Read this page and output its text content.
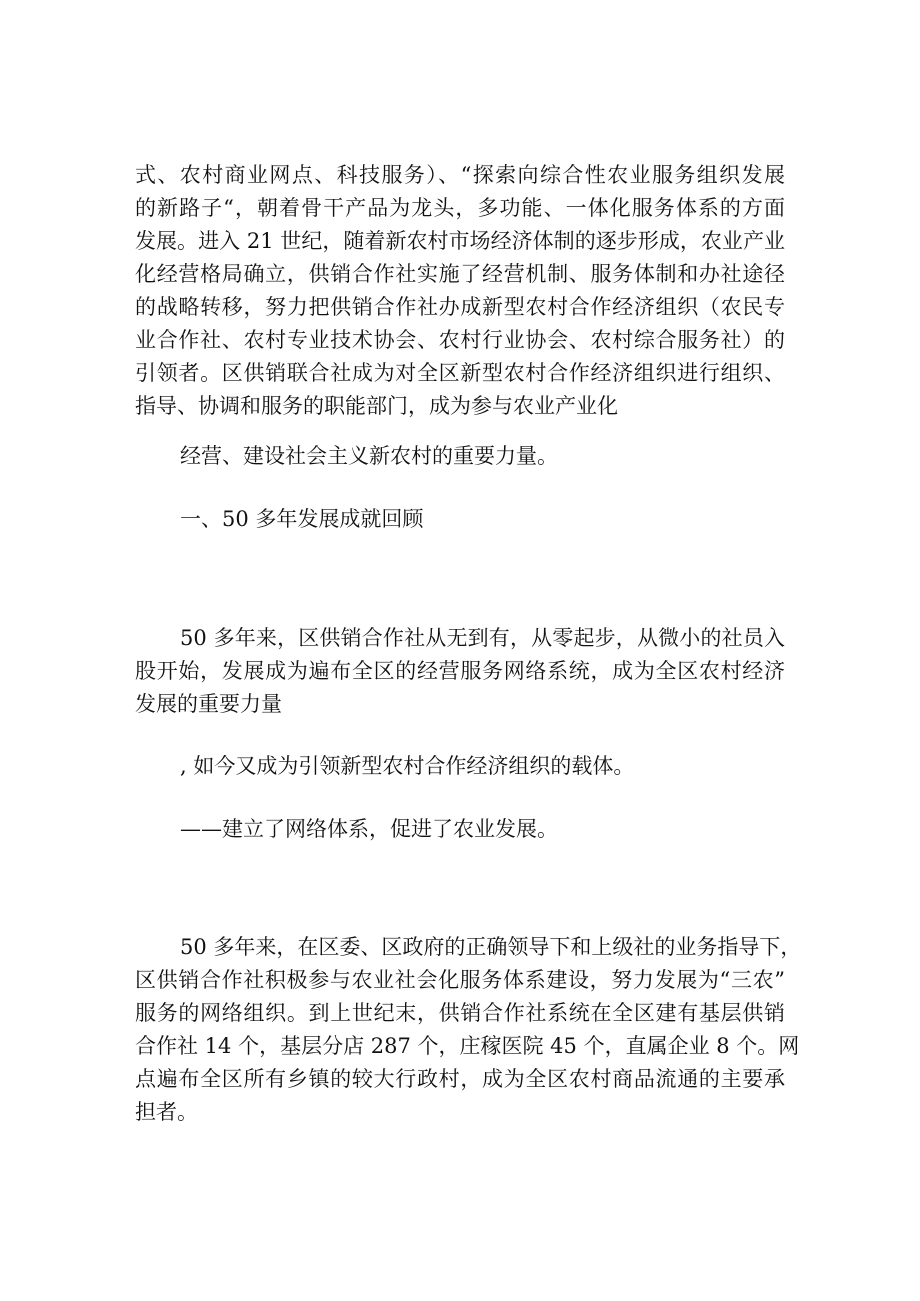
式、农村商业网点、科技服务）、“探索向综合性农业服务组织发展
的新路子“，朝着骨干产品为龙头，多功能、一体化服务体系的方面
发展。进入 21 世纪，随着新农村市场经济体制的逐步形成，农业产业
化经营格局确立，供销合作社实施了经营机制、服务体制和办社途径
的战略转移，努力把供销合作社办成新型农村合作经济组织（农民专
业合作社、农村专业技术协会、农村行业协会、农村综合服务社）的
引领者。区供销联合社成为对全区新型农村合作经济组织进行组织、
指导、协调和服务的职能部门，成为参与农业产业化
经营、建设社会主义新农村的重要力量。
一、50 多年发展成就回顾
50 多年来，区供销合作社从无到有，从零起步，从微小的社员入
股开始，发展成为遍布全区的经营服务网络系统，成为全区农村经济
发展的重要力量
, 如今又成为引领新型农村合作经济组织的载体。
——建立了网络体系，促进了农业发展。
50 多年来，在区委、区政府的正确领导下和上级社的业务指导下，
区供销合作社积极参与农业社会化服务体系建设，努力发展为“三农”
服务的网络组织。到上世纪末，供销合作社系统在全区建有基层供销
合作社 14 个，基层分店 287 个，庄稼医院 45 个，直属企业 8 个。网
点遍布全区所有乡镇的较大行政村，成为全区农村商品流通的主要承
担者。
